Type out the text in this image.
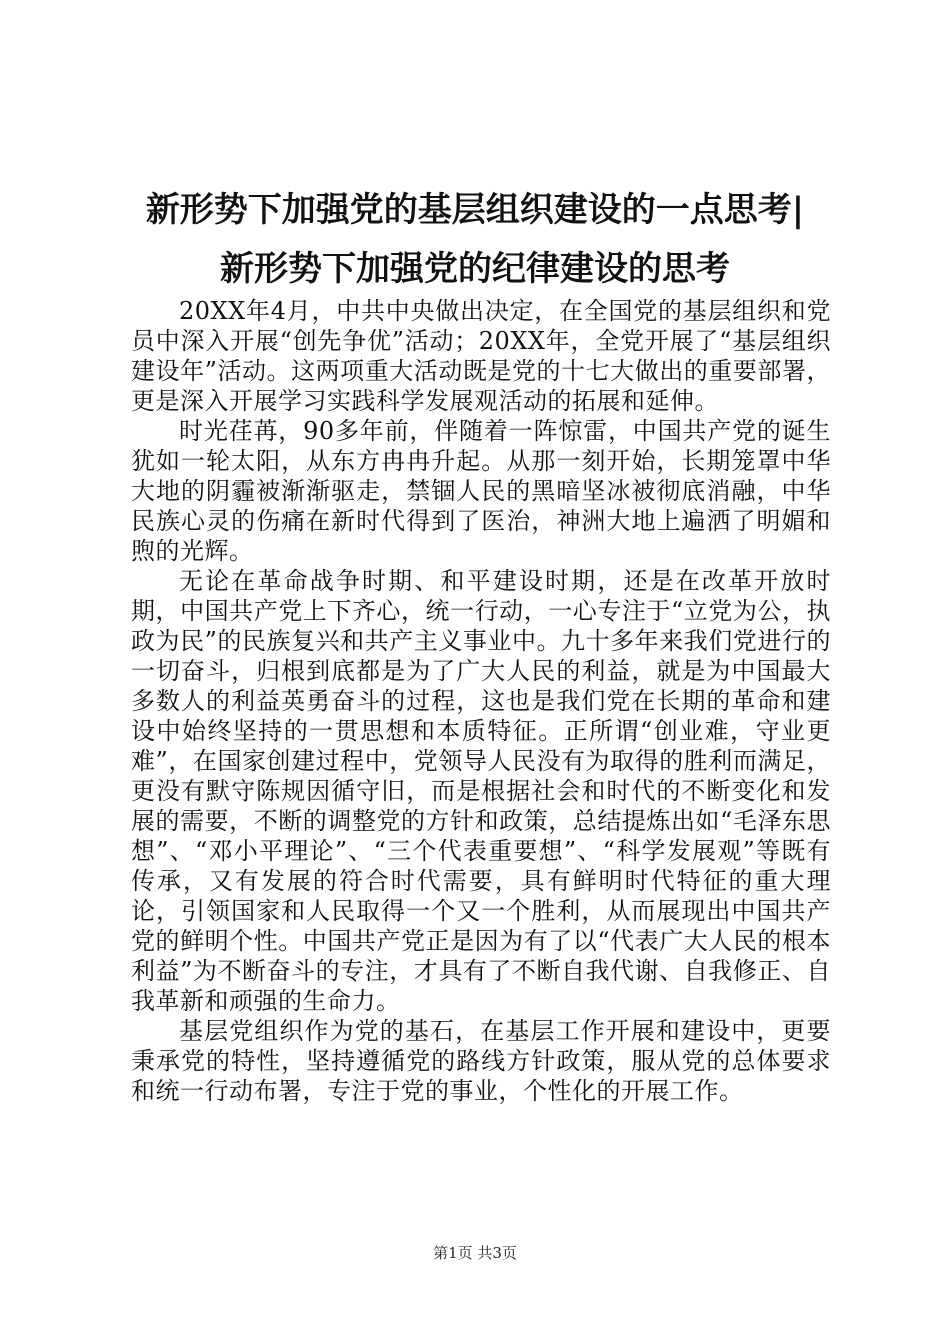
新形势下加强党的基层组织建设的一点思考|
新形势下加强党的纪律建设的思考

20XX年4月，中共中央做出决定，在全国党的基层组织和党员中深入开展“创先争优”活动；20XX年，全党开展了“基层组织建设年”活动。这两项重大活动既是党的十七大做出的重要部署，更是深入开展学习实践科学发展观活动的拓展和延伸。

时光荏苒，90多年前，伴随着一阵惊雷，中国共产党的诞生犹如一轮太阳，从东方冉冉升起。从那一刻开始，长期笼罩中华大地的阴霾被渐渐驱走，禁锢人民的黑暗坚冰被彻底消融，中华民族心灵的伤痛在新时代得到了医治，神洲大地上遍洒了明媚和煦的光辉。

无论在革命战争时期、和平建设时期，还是在改革开放时期，中国共产党上下齐心，统一行动，一心专注于“立党为公，执政为民”的民族复兴和共产主义事业中。九十多年来我们党进行的一切奋斗，归根到底都是为了广大人民的利益，就是为中国最大多数人的利益英勇奋斗的过程，这也是我们党在长期的革命和建设中始终坚持的一贯思想和本质特征。正所谓“创业难，守业更难”，在国家创建过程中，党领导人民没有为取得的胜利而满足，更没有默守陈规因循守旧，而是根据社会和时代的不断变化和发展的需要，不断的调整党的方针和政策，总结提炼出如“毛泽东思想”、“邓小平理论”、“三个代表重要想”、“科学发展观”等既有传承，又有发展的符合时代需要，具有鲜明时代特征的重大理论，引领国家和人民取得一个又一个胜利，从而展现出中国共产党的鲜明个性。中国共产党正是因为有了以“代表广大人民的根本利益”为不断奋斗的专注，才具有了不断自我代谢、自我修正、自我革新和顽强的生命力。

基层党组织作为党的基石，在基层工作开展和建设中，更要秉承党的特性，坚持遵循党的路线方针政策，服从党的总体要求和统一行动布署，专注于党的事业，个性化的开展工作。

第1页 共3页
